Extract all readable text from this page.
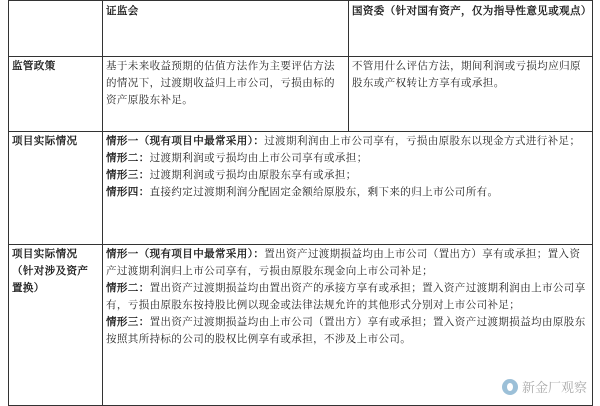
	证监会	国资委（针对国有资产，仅为指导性意见或观点）
监管政策	基于未来收益预期的估值方法作为主要评估方法的情况下，过渡期收益归上市公司，亏损由标的资产原股东补足。	不管用什么评估方法，期间利润或亏损均应归原股东或产权转让方享有或承担。
项目实际情况	情形一（现有项目中最常采用）：过渡期利润由上市公司享有，亏损由原股东以现金方式进行补足；
情形二：过渡期利润或亏损均由上市公司享有或承担；
情形三：过渡期利润或亏损均由原股东享有或承担；
情形四：直接约定过渡期利润分配固定金额给原股东，剩下来的归上市公司所有。	

项目实际情况（针对涉及资产置换）	情形一（现有项目中最常采用）：置出资产过渡期损益均由上市公司（置出方）享有或承担；置入资产过渡期利润归上市公司享有，亏损由原股东现金向上市公司补足；
情形二：置出资产过渡期损益均由置出资产的承接方享有或承担；置入资产过渡期利润由上市公司享有，亏损由原股东按持股比例以现金或法律法规允许的其他形式分别对上市公司补足；
情形三：置出资产过渡期损益均由上市公司（置出方）享有或承担；置入资产过渡期损益均由原股东按照其所持标的公司的股权比例享有或承担，不涉及上市公司。	
新金厂观察
